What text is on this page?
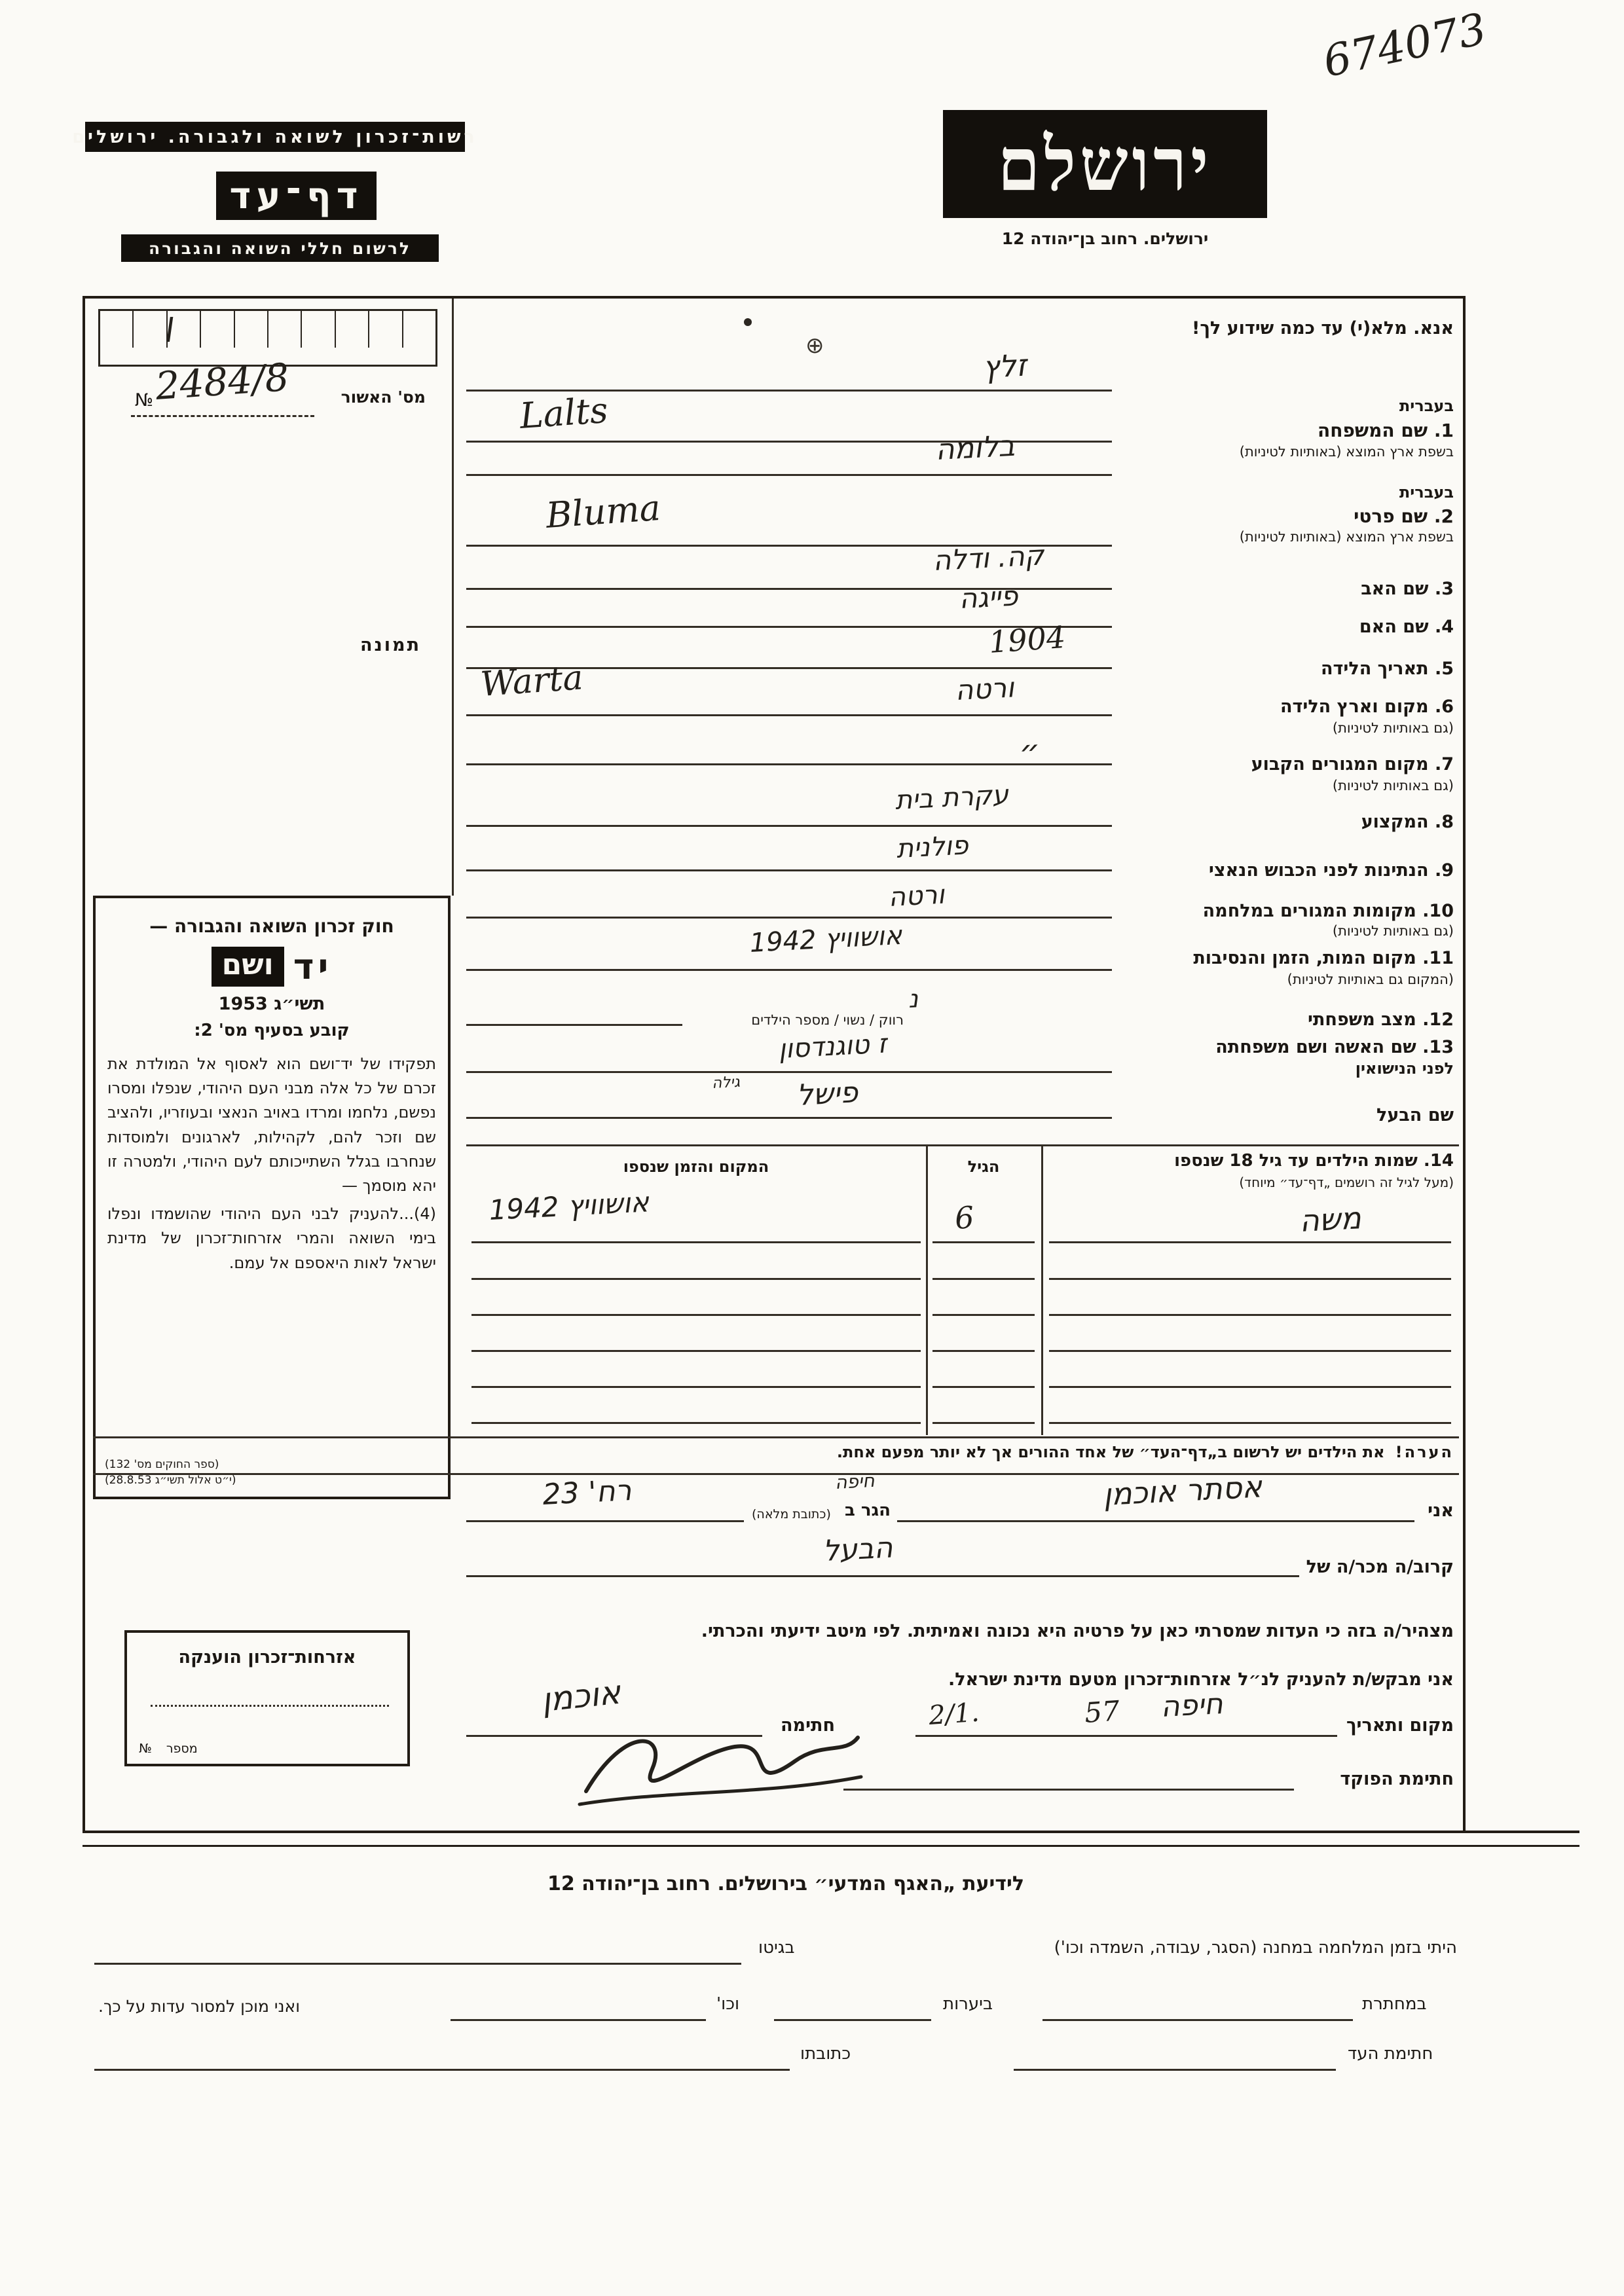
674073
רשות־זכרון לשואה ולגבורה. ירושלים
דף־עד
לרשום חללי השואה והגבורה
ירושלם
ירושלים. רחוב בן־יהודה 12
אנא. מלא(י) עד כמה שידוע לך!
⊕
ן
מס' האשור
№ 2484/8
תמונה
חוק זכרון השואה והגבורה —
יד
ושם
תשי״ג 1953
קובע בסעיף מס' 2:
תפקידו של יד־ושם הוא לאסוף אל המולדת את זכרם של כל אלה מבני העם היהודי, שנפלו ומסרו נפשם, נלחמו ומרדו באויב הנאצי ובעוזריו, ולהציב שם וזכר להם, לקהילות, לארגונים ולמוסדות שנחרבו בגלל השתייכותם לעם היהודי, ולמטרה זו יהא מוסמך —
(4)...להעניק לבני העם היהודי שהושמדו ונפלו בימי השואה והמרי אזרחות־זכרון של מדינת ישראל לאות היאספם אל עמם.
(ספר החוקים מס' 132)
(י״ט אלול תשי״ג 28.8.53)
אזרחות־זכרון הוענקה
מספר №
בעברית
זלץ
1. שם המשפחה
בשפת ארץ המוצא (באותיות לטיניות)
Lalts
בעברית
בלומה
2. שם פרטי
בשפת ארץ המוצא (באותיות לטיניות)
Bluma
3. שם האב
קה. ודלה
4. שם האם
פייגה
5. תאריך הלידה
1904
6. מקום וארץ הלידה
(גם באותיות לטיניות)
ורטה
Warta
7. מקום המגורים הקבוע
(גם באותיות לטיניות)
״
8. המקצוע
עקרת בית
9. הנתינות לפני הכבוש הנאצי
פולנית
10. מקומות המגורים במלחמה
(גם באותיות לטיניות)
ורטה
11. מקום המות, הזמן והנסיבות
(המקום גם באותיות לטיניות)
אושוויץ 1942
12. מצב משפחתי
רווק / נשוי / מספר הילדים
נ
13. שם האשה ושם משפחתה
לפני הנישואין
ז טוגנדסון
גילה
שם הבעל
פישל
14. שמות הילדים עד גיל 18 שנספו
(מעל לגיל זה רושמים „דף־עד״ מיוחד)
הגיל
המקום והזמן שנספו
משה
6
אושוויץ 1942
הערה!את הילדים יש לרשום ב„דף־העד״ של אחד ההורים אך לא יותר מפעם אחת.
אני
אסתר אוכמן
הגר ב
(כתובת מלאה)
חיפה
רח' 23
קרוב/ה מכר/ה של
הבעל
מצהיר/ה בזה כי העדות שמסרתי כאן על פרטיה היא נכונה ואמיתית. לפי מיטב ידיעתי והכרתי.
אני מבקש/ת להעניק לנ״ל אזרחות־זכרון מטעם מדינת ישראל.
מקום ותאריך
חיפה
57
2/1.
חתימה
אוכמן
חתימת הפוקד
לידיעת „האגף המדעי״ בירושלים. רחוב בן־יהודה 12
היתי בזמן המלחמה במחנה (הסגר, עבודה, השמדה וכו')
בגיטו
במחתרת
ביערות
וכו'
ואני מוכן למסור עדות על כך.
חתימת העד
כתובתו
